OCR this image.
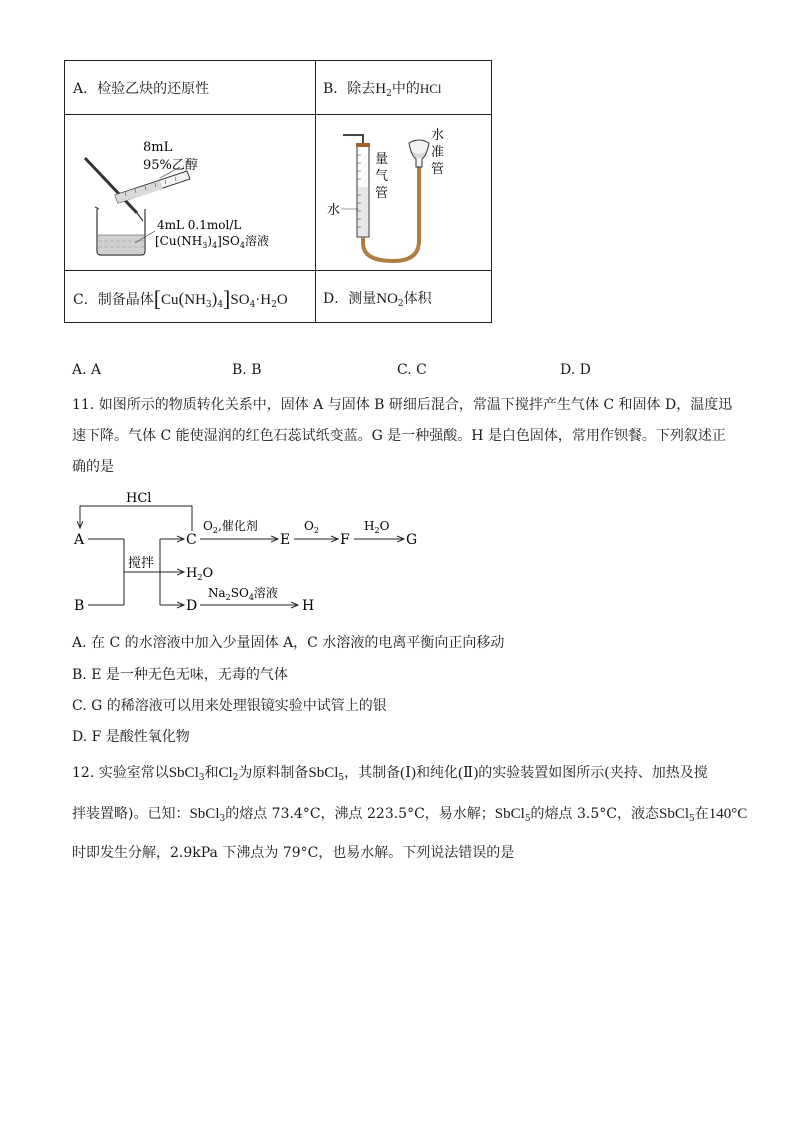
A．检验乙炔的还原性	B．除去$H_2$中的HCl
C．制备晶体$[Cu(NH_3)_4]SO_4\cdot H_2O$	D．测量$NO_2$体积
8mL
95%乙醇
4mL 0.1mol/L
$[Cu(NH_3)_4]SO_4$溶液
水
量
气
管
水
准
管
A. A	B. B	C. C	D. D
11. 如图所示的物质转化关系中，固体 A 与固体 B 研细后混合，常温下搅拌产生气体 C 和固体 D，温度迅
速下降。气体 C 能使湿润的红色石蕊试纸变蓝。G 是一种强酸。H 是白色固体，常用作钡餐。下列叙述正
确的是
HCl
A
B
搅拌
C
$O_2$,催化剂
E
$O_2$
F
$H_2O$
G
$H_2O$
D
$Na_2SO_4$溶液
H
A. 在 C 的水溶液中加入少量固体 A，C 水溶液的电离平衡向正向移动
B. E 是一种无色无味，无毒的气体
C. G 的稀溶液可以用来处理银镜实验中试管上的银
D. F 是酸性氧化物
12. 实验室常以SbCl$_3$和$Cl_2$为原料制备SbCl$_5$，其制备(Ⅰ)和纯化(Ⅱ)的实验装置如图所示(夹持、加热及搅
拌装置略)。已知：SbCl$_3$的熔点 73.4°C，沸点 223.5°C，易水解；SbCl$_5$的熔点 3.5°C，液态SbCl$_5$在140°C
时即发生分解，2.9kPa 下沸点为 79°C，也易水解。下列说法错误的是
